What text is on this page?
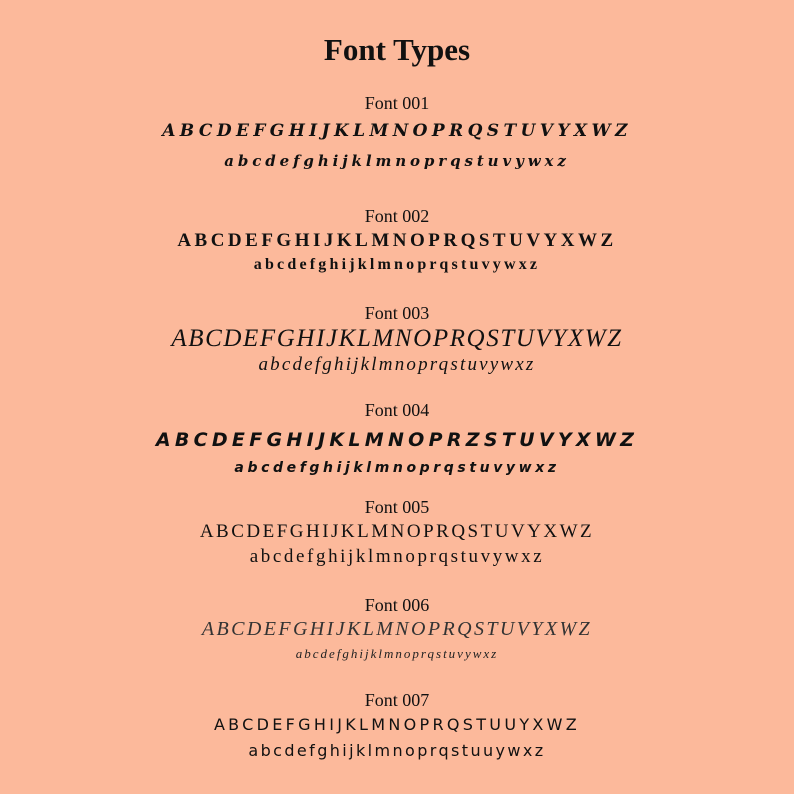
Font Types
Font 001
ABCDEFGHIJKLMNOPRQSTUVYXWZ
abcdefghijklmnoprqstuvywxz
Font 002
ABCDEFGHIJKLMNOPRQSTUVYXWZ
abcdefghijklmnoprqstuvywxz
Font 003
ABCDEFGHIJKLMNOPRQSTUVYXWZ
abcdefghijklmnoprqstuvywxz
Font 004
ABCDEFGHIJKLMNOPRZSTUVYXWZ
abcdefghijklmnoprqstuvywxz
Font 005
ABCDEFGHIJKLMNOPRQSTUVYXWZ
abcdefghijklmnoprqstuvywxz
Font 006
ABCDEFGHIJKLMNOPRQSTUVYXWZ
abcdefghijklmnoprqstuvywxz
Font 007
ABCDEFGHIJKLMNOPRQSTUUYXWZ
abcdefghijklmnoprqstuuywxz
